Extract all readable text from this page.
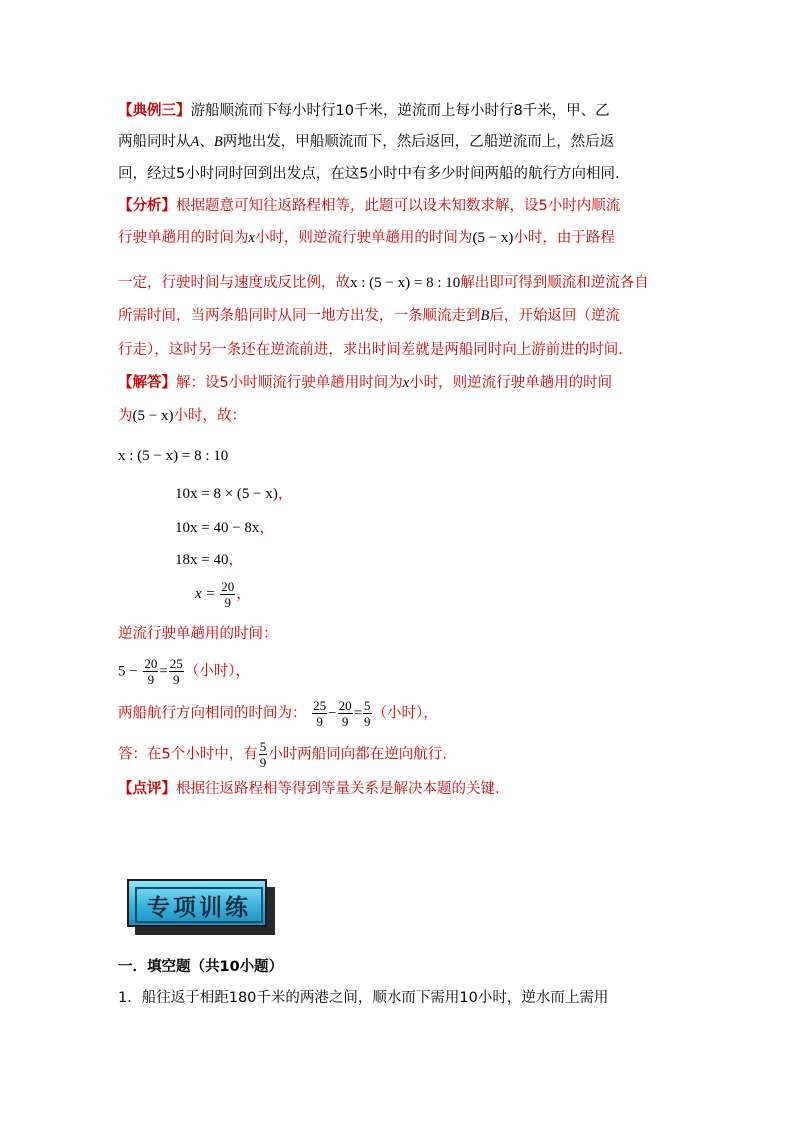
【典例三】游船顺流而下每小时行10千米，逆流而上每小时行8千米，甲、乙
两船同时从A、B两地出发，甲船顺流而下，然后返回，乙船逆流而上，然后返
回，经过5小时同时回到出发点，在这5小时中有多少时间两船的航行方向相同.
【分析】根据题意可知往返路程相等，此题可以设未知数求解，设5小时内顺流
行驶单趟用的时间为x小时，则逆流行驶单趟用的时间为(5 − x)小时，由于路程
一定，行驶时间与速度成反比例，故x : (5 − x) = 8 : 10解出即可得到顺流和逆流各自
所需时间，当两条船同时从同一地方出发，一条顺流走到B后，开始返回（逆流
行走），这时另一条还在逆流前进，求出时间差就是两船同时向上游前进的时间.
【解答】解：设5小时顺流行驶单趟用时间为x小时，则逆流行驶单趟用的时间
为(5 − x)小时，故：
x : (5 − x) = 8 : 10
10x = 8 × (5 − x)，
10x = 40 − 8x，
18x = 40，
$x = \frac{20}{9}$ ，
逆流行驶单趟用的时间：
$5 - \frac{20}{9} = \frac{25}{9}$ （小时），
两船航行方向相同的时间为： $\frac{25}{9} - \frac{20}{9} = \frac{5}{9}$ （小时），
答：在5个小时中，有 $\frac{5}{9}$ 小时两船同向都在逆向航行.
【点评】根据往返路程相等得到等量关系是解决本题的关键.
专项训练
一．填空题（共10小题）
1．船往返于相距180千米的两港之间，顺水而下需用10小时，逆水而上需用
